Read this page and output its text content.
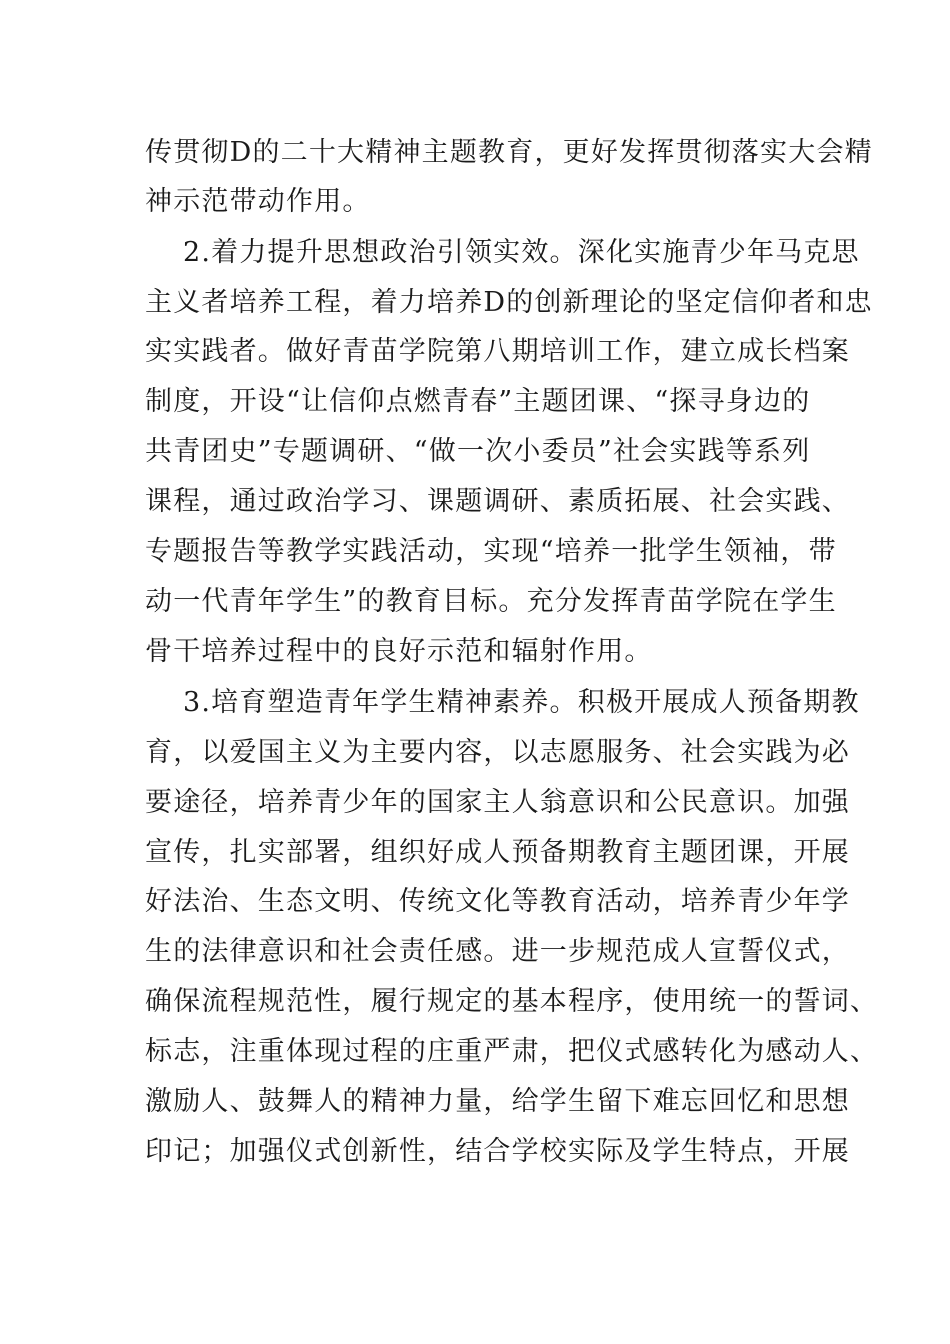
传贯彻D的二十大精神主题教育，更好发挥贯彻落实大会精
神示范带动作用。
2.着力提升思想政治引领实效。深化实施青少年马克思
主义者培养工程，着力培养D的创新理论的坚定信仰者和忠
实实践者。做好青苗学院第八期培训工作，建立成长档案
制度，开设“让信仰点燃青春”主题团课、“探寻身边的
共青团史”专题调研、“做一次小委员”社会实践等系列
课程，通过政治学习、课题调研、素质拓展、社会实践、
专题报告等教学实践活动，实现“培养一批学生领袖，带
动一代青年学生”的教育目标。充分发挥青苗学院在学生
骨干培养过程中的良好示范和辐射作用。
3.培育塑造青年学生精神素养。积极开展成人预备期教
育，以爱国主义为主要内容，以志愿服务、社会实践为必
要途径，培养青少年的国家主人翁意识和公民意识。加强
宣传，扎实部署，组织好成人预备期教育主题团课，开展
好法治、生态文明、传统文化等教育活动，培养青少年学
生的法律意识和社会责任感。进一步规范成人宣誓仪式，
确保流程规范性，履行规定的基本程序，使用统一的誓词、
标志，注重体现过程的庄重严肃，把仪式感转化为感动人、
激励人、鼓舞人的精神力量，给学生留下难忘回忆和思想
印记；加强仪式创新性，结合学校实际及学生特点，开展
